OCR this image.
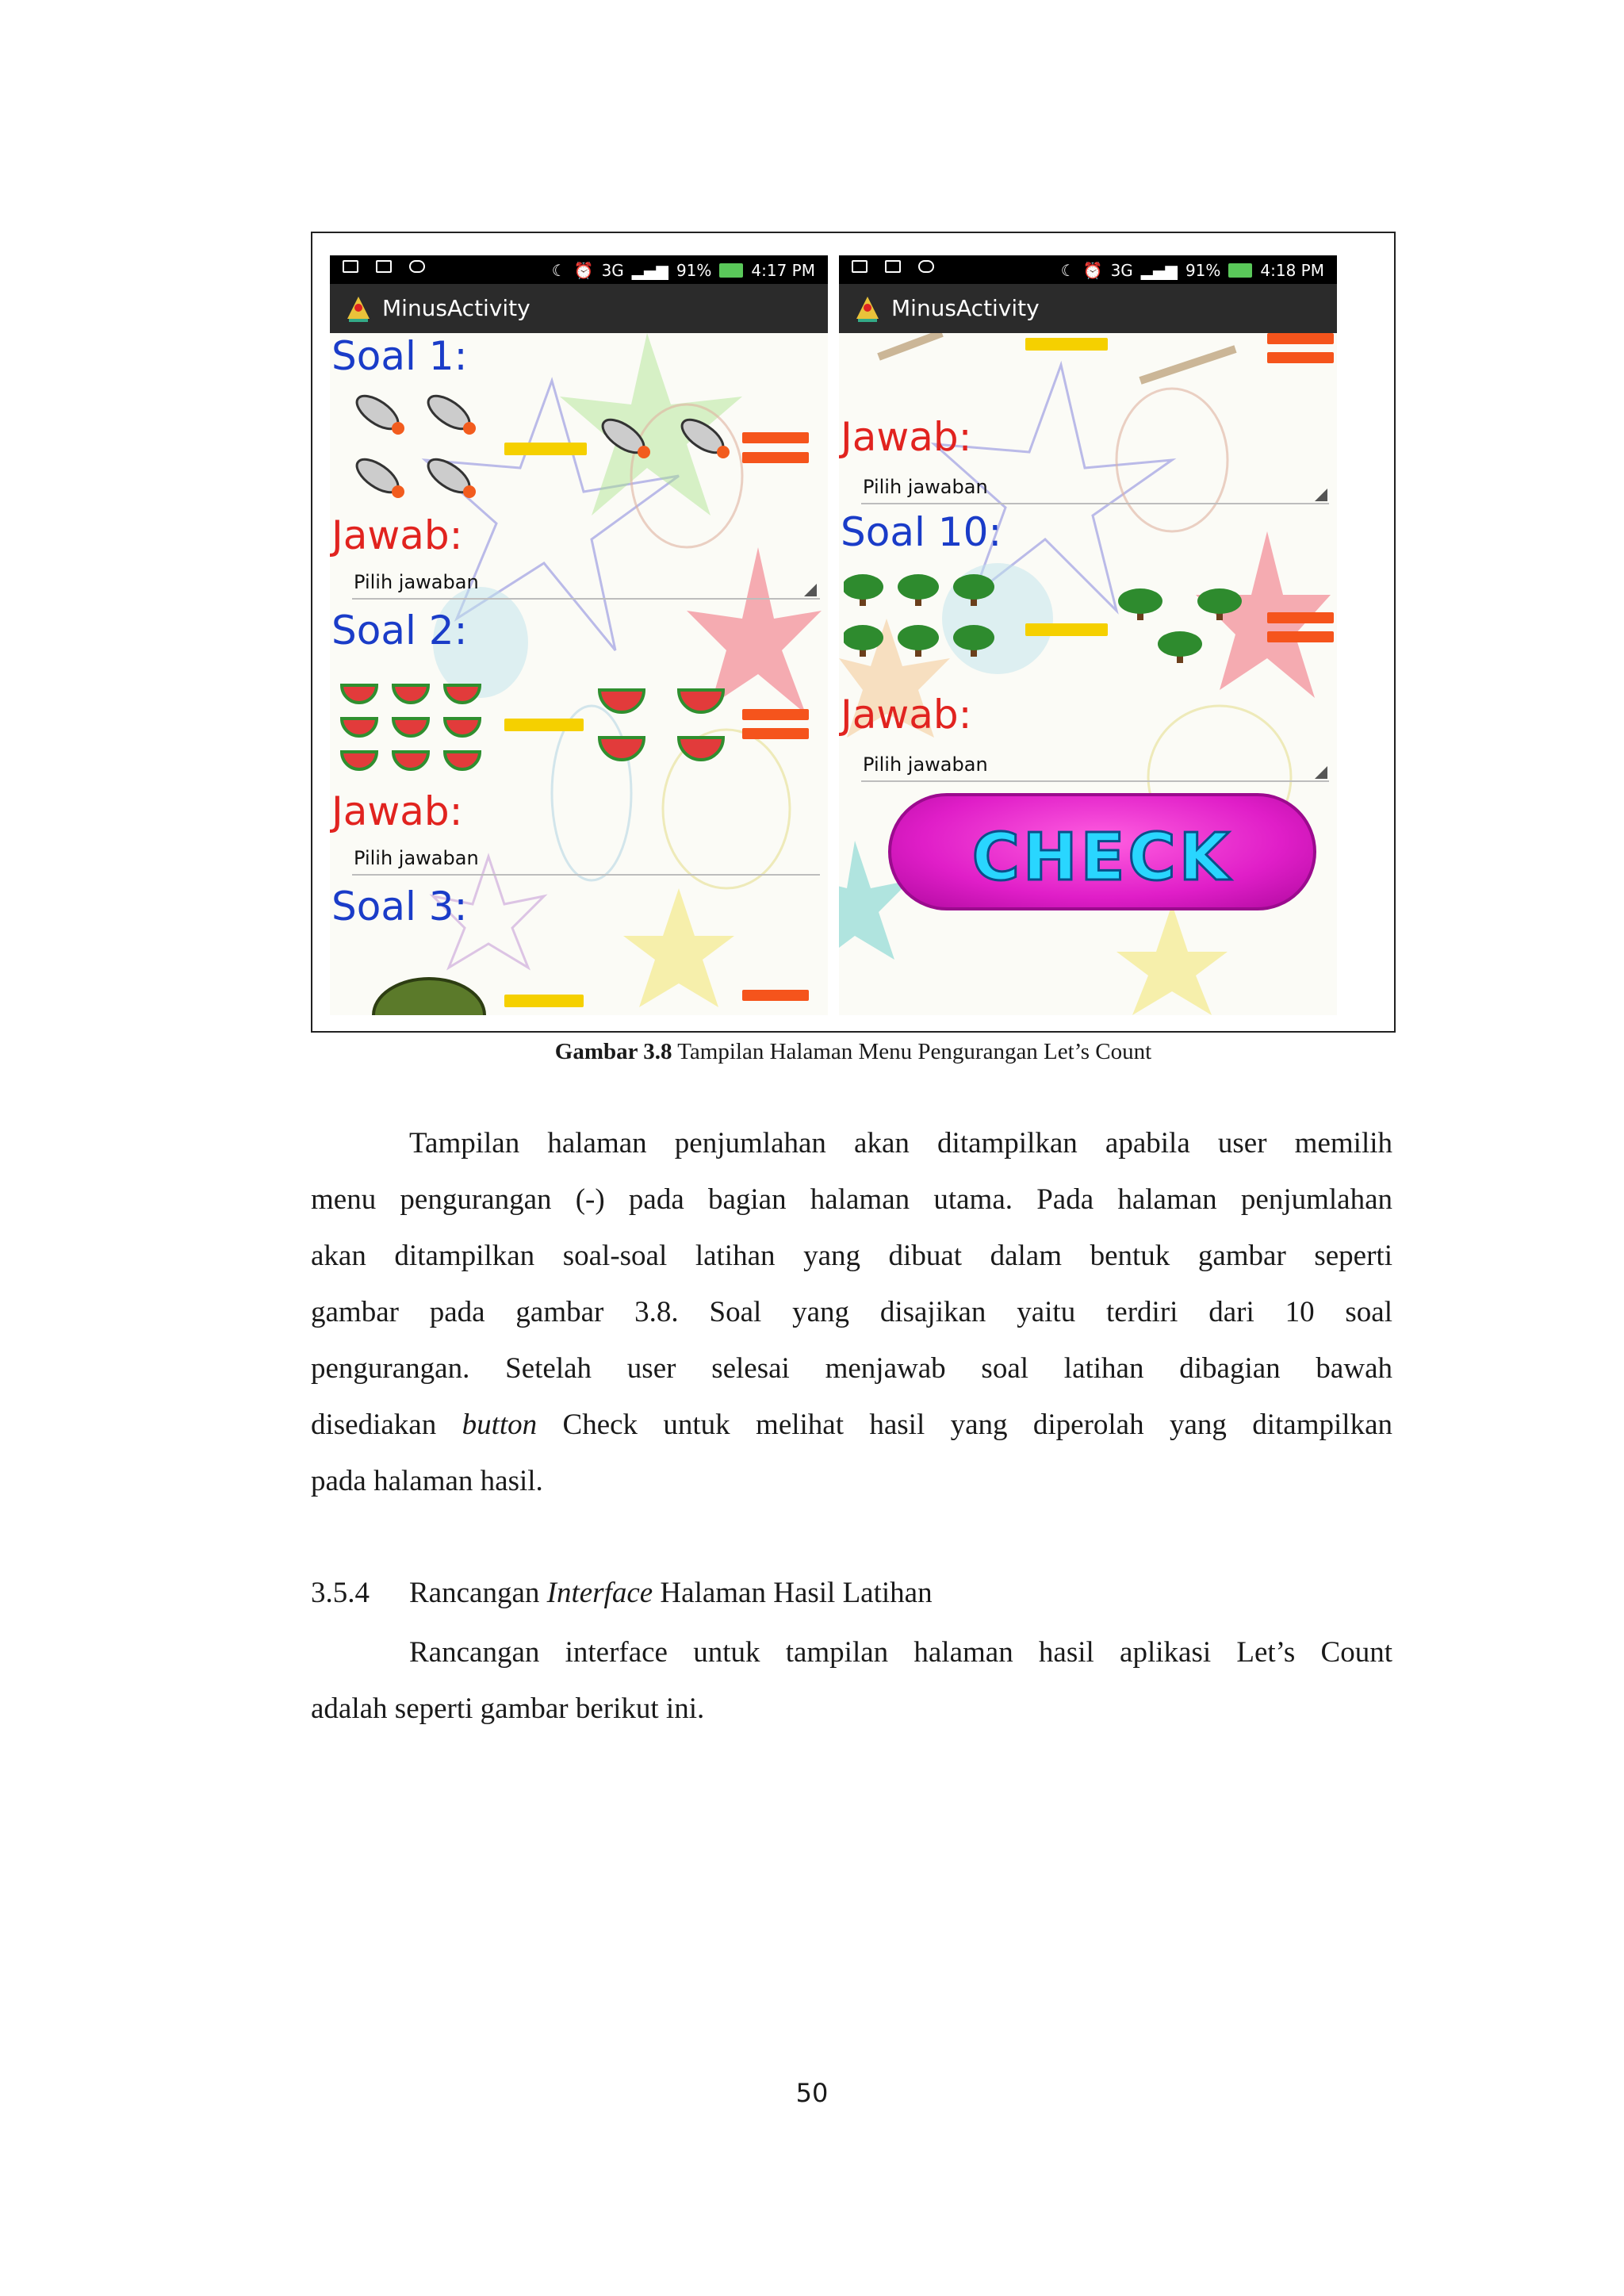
☾ ⏰ 3G ▂▄▆ 91%	4:17 PM
MinusActivity
Soal 1:
Jawab:
Pilih jawaban
Soal 2:
Jawab:
Pilih jawaban
Soal 3:
☾ ⏰ 3G ▂▄▆ 91%	4:18 PM
MinusActivity
Jawab:
Pilih jawaban
Soal 10:
Jawab:
Pilih jawaban
CHECK
Gambar 3.8 Tampilan Halaman Menu Pengurangan Let’s Count
Tampilan halaman penjumlahan akan ditampilkan apabila user memilih
menu pengurangan (-) pada bagian halaman utama. Pada halaman penjumlahan
akan ditampilkan soal-soal latihan yang dibuat dalam bentuk gambar seperti
gambar pada gambar 3.8. Soal yang disajikan yaitu terdiri dari 10 soal
pengurangan. Setelah user selesai menjawab soal latihan dibagian bawah
disediakan button Check untuk melihat hasil yang diperolah yang ditampilkan
pada halaman hasil.
3.5.4 Rancangan Interface Halaman Hasil Latihan
Rancangan interface untuk tampilan halaman hasil aplikasi Let’s Count
adalah seperti gambar berikut ini.
50
